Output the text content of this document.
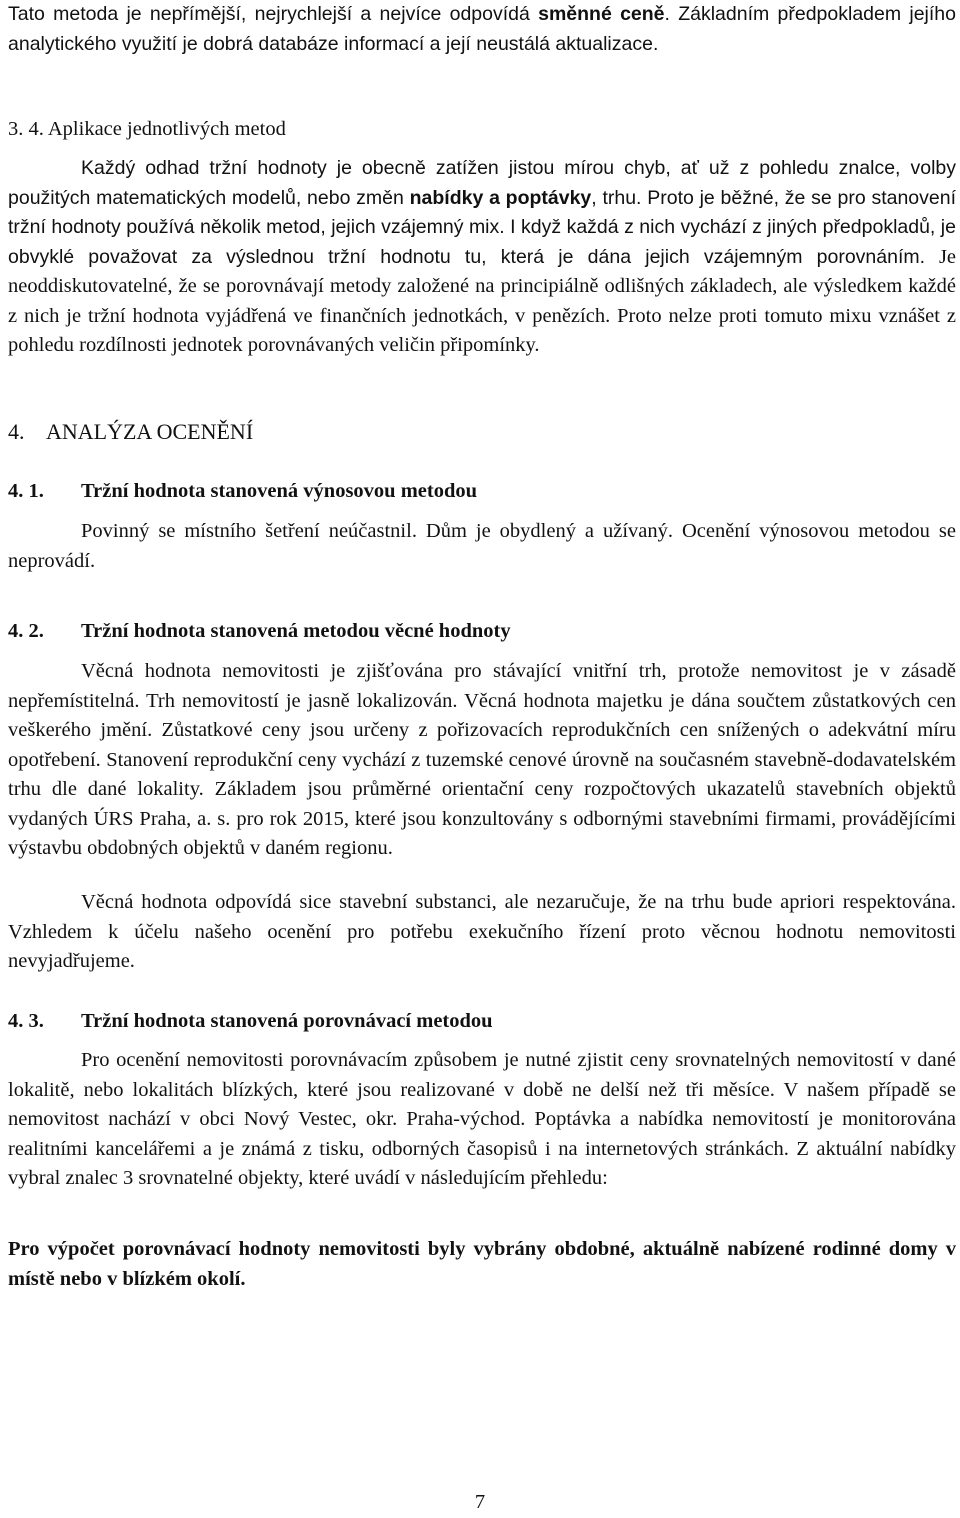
Tato metoda je nepřímější, nejrychlejší a nejvíce odpovídá směnné ceně. Základním předpokladem jejího analytického využití je dobrá databáze informací a její neustálá aktualizace.

3. 4. Aplikace jednotlivých metod

Každý odhad tržní hodnoty je obecně zatížen jistou mírou chyb, ať už z pohledu znalce, volby použitých matematických modelů, nebo změn nabídky a poptávky, trhu. Proto je běžné, že se pro stanovení tržní hodnoty používá několik metod, jejich vzájemný mix. I když každá z nich vychází z jiných předpokladů, je obvyklé považovat za výslednou tržní hodnotu tu, která je dána jejich vzájemným porovnáním. Je neoddiskutovatelné, že se porovnávají metody založené na principiálně odlišných základech, ale výsledkem každé z nich je tržní hodnota vyjádřená ve finančních jednotkách, v penězích. Proto nelze proti tomuto mixu vznášet z pohledu rozdílnosti jednotek porovnávaných veličin připomínky.

4. ANALÝZA OCENĚNÍ

4. 1. Tržní hodnota stanovená výnosovou metodou

Povinný se místního šetření neúčastnil. Dům je obydlený a užívaný. Ocenění výnosovou metodou se neprovádí.

4. 2. Tržní hodnota stanovená metodou věcné hodnoty

Věcná hodnota nemovitosti je zjišťována pro stávající vnitřní trh, protože nemovitost je v zásadě nepřemístitelná. Trh nemovitostí je jasně lokalizován. Věcná hodnota majetku je dána součtem zůstatkových cen veškerého jmění. Zůstatkové ceny jsou určeny z pořizovacích reprodukčních cen snížených o adekvátní míru opotřebení. Stanovení reprodukční ceny vychází z tuzemské cenové úrovně na současném stavebně-dodavatelském trhu dle dané lokality. Základem jsou průměrné orientační ceny rozpočtových ukazatelů stavebních objektů vydaných ÚRS Praha, a. s. pro rok 2015, které jsou konzultovány s odbornými stavebními firmami, provádějícími výstavbu obdobných objektů v daném regionu.

Věcná hodnota odpovídá sice stavební substanci, ale nezaručuje, že na trhu bude apriori respektována. Vzhledem k účelu našeho ocenění pro potřebu exekučního řízení proto věcnou hodnotu nemovitosti nevyjadřujeme.

4. 3. Tržní hodnota stanovená porovnávací metodou

Pro ocenění nemovitosti porovnávacím způsobem je nutné zjistit ceny srovnatelných nemovitostí v dané lokalitě, nebo lokalitách blízkých, které jsou realizované v době ne delší než tři měsíce. V našem případě se nemovitost nachází v obci Nový Vestec, okr. Praha-východ. Poptávka a nabídka nemovitostí je monitorována realitními kancelářemi a je známá z tisku, odborných časopisů i na internetových stránkách. Z aktuální nabídky vybral znalec 3 srovnatelné objekty, které uvádí v následujícím přehledu:

Pro výpočet porovnávací hodnoty nemovitosti byly vybrány obdobné, aktuálně nabízené rodinné domy v místě nebo v blízkém okolí.

7
